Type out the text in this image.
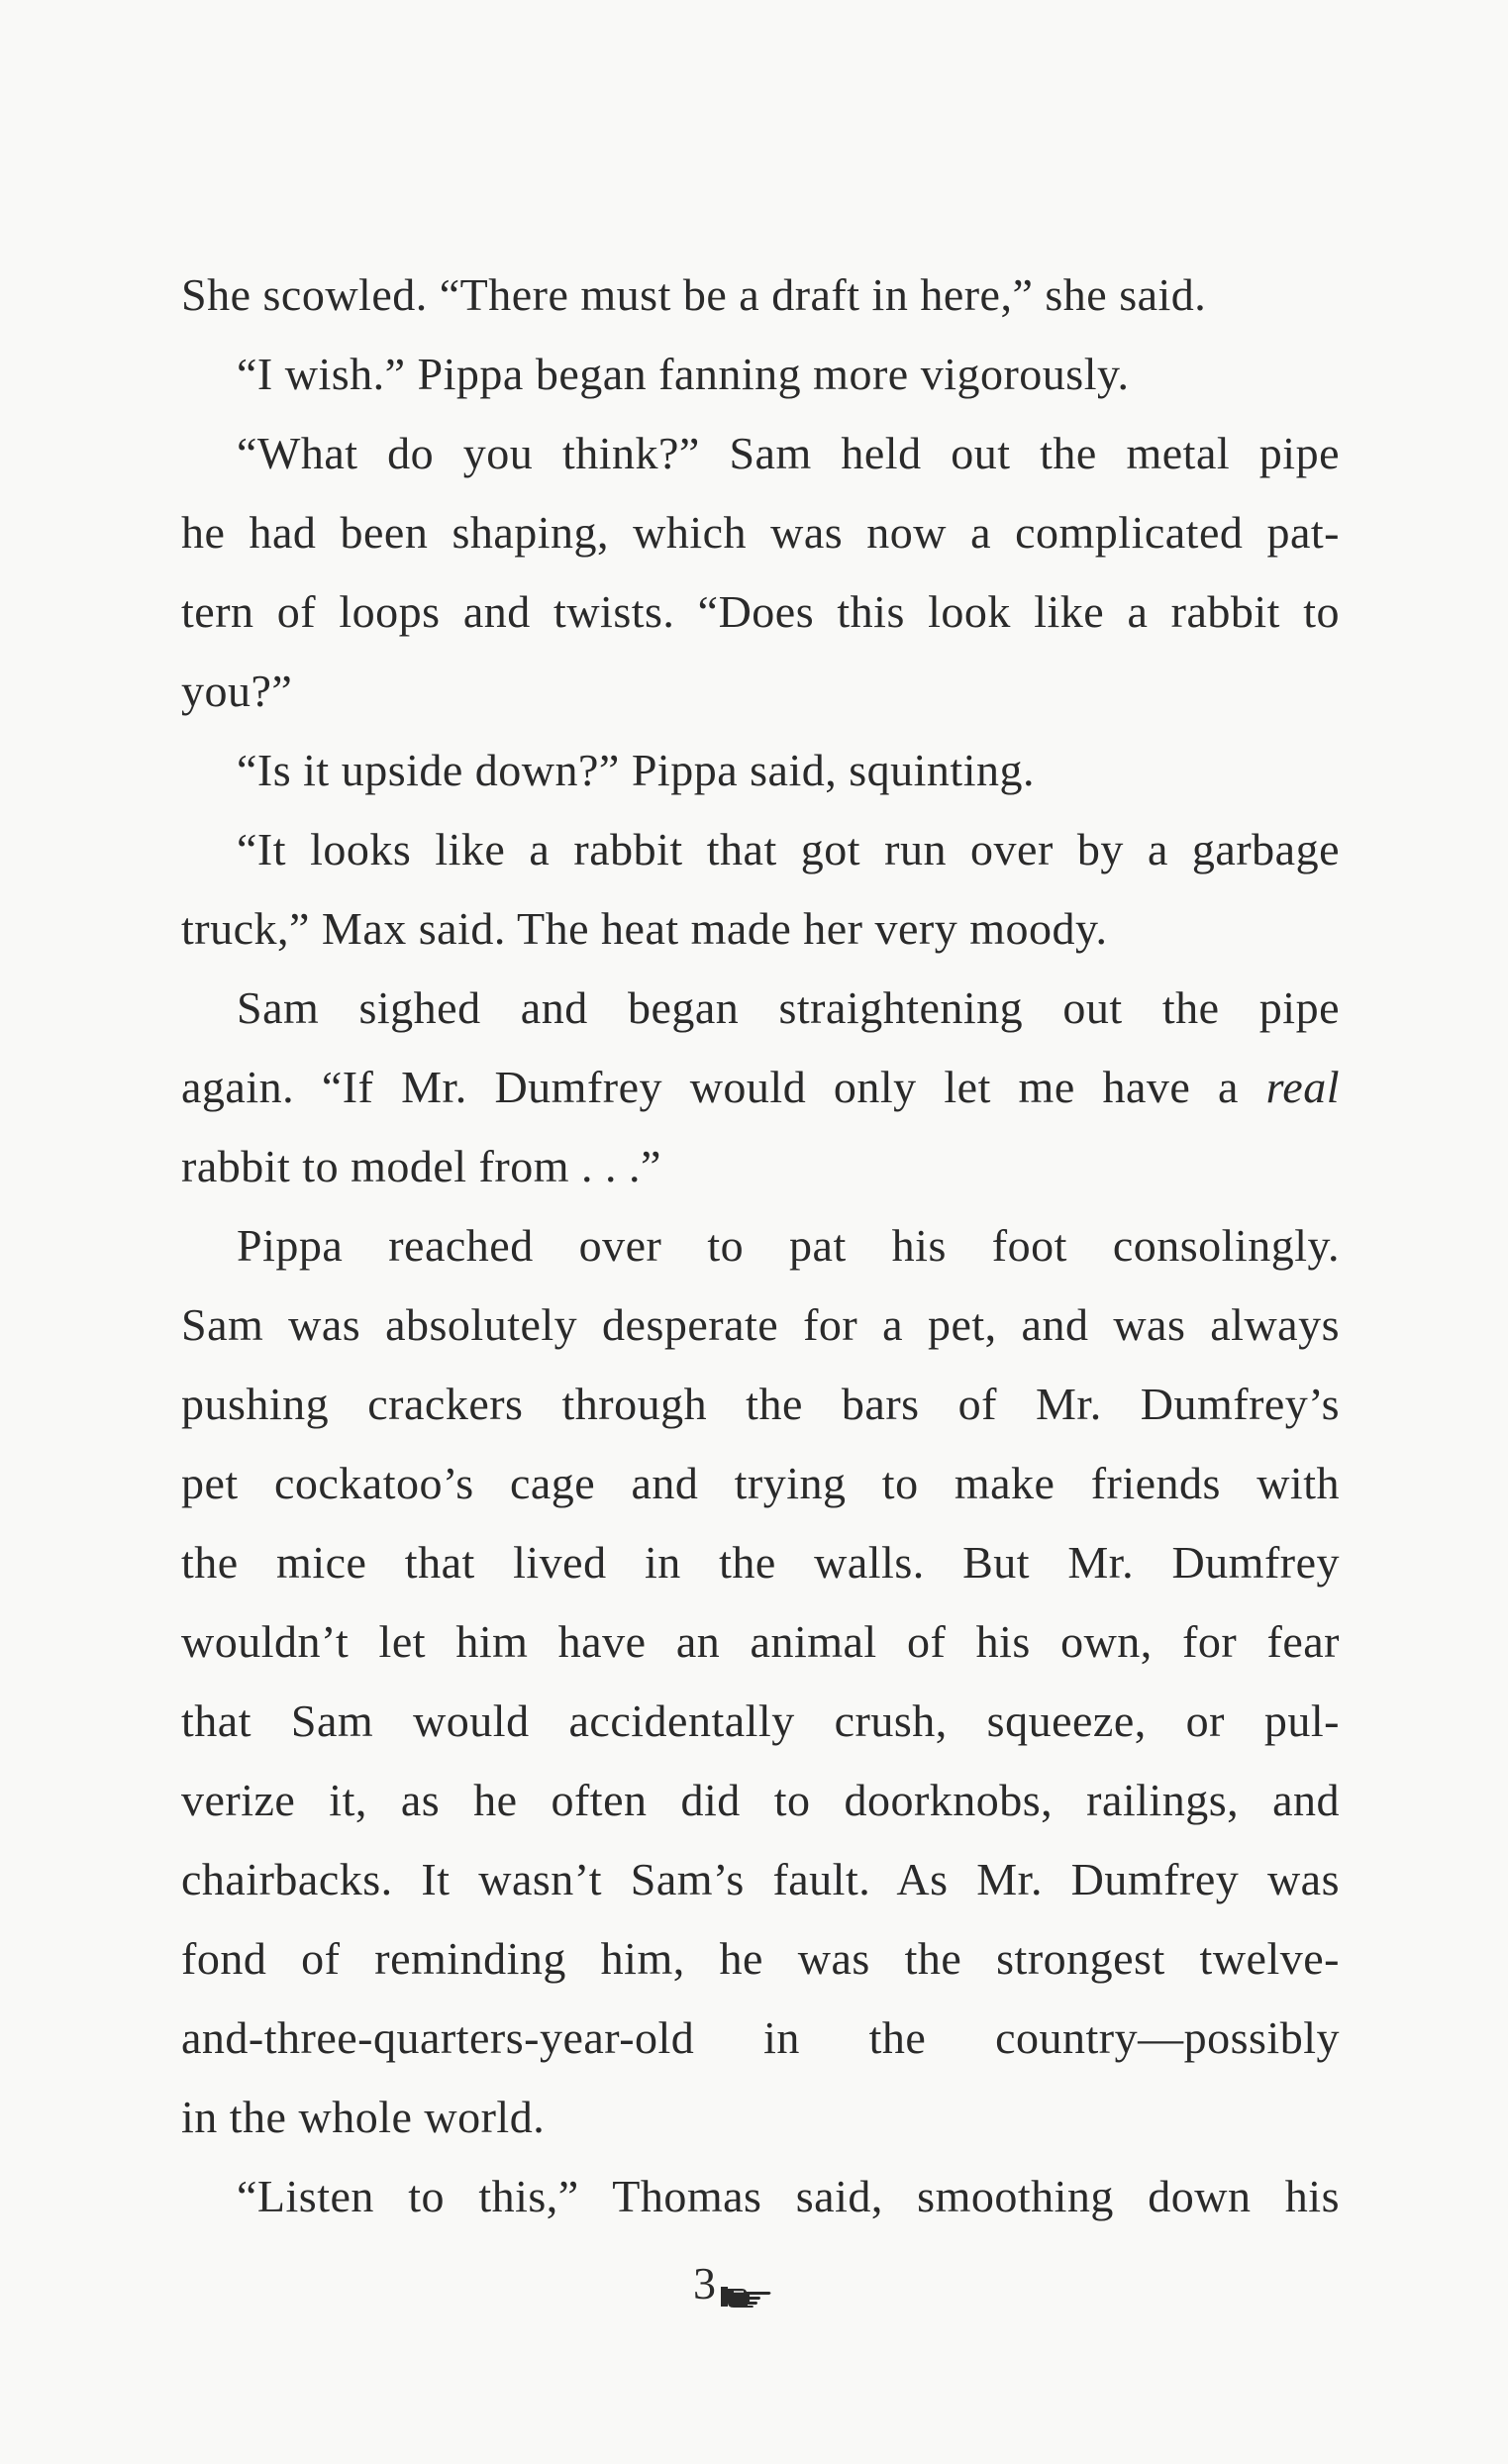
She scowled. “There must be a draft in here,” she said.
“I wish.” Pippa began fanning more vigorously.
“What do you think?” Sam held out the metal pipe
he had been shaping, which was now a complicated pat-
tern of loops and twists. “Does this look like a rabbit to
you?”
“Is it upside down?” Pippa said, squinting.
“It looks like a rabbit that got run over by a garbage
truck,” Max said. The heat made her very moody.
Sam sighed and began straightening out the pipe
again. “If Mr. Dumfrey would only let me have a real
rabbit to model from . . .”
Pippa reached over to pat his foot consolingly.
Sam was absolutely desperate for a pet, and was always
pushing crackers through the bars of Mr. Dumfrey’s
pet cockatoo’s cage and trying to make friends with
the mice that lived in the walls. But Mr. Dumfrey
wouldn’t let him have an animal of his own, for fear
that Sam would accidentally crush, squeeze, or pul-
verize it, as he often did to doorknobs, railings, and
chairbacks. It wasn’t Sam’s fault. As Mr. Dumfrey was
fond of reminding him, he was the strongest twelve-
and-three-quarters-year-old in the country—possibly
in the whole world.
“Listen to this,” Thomas said, smoothing down his
3
